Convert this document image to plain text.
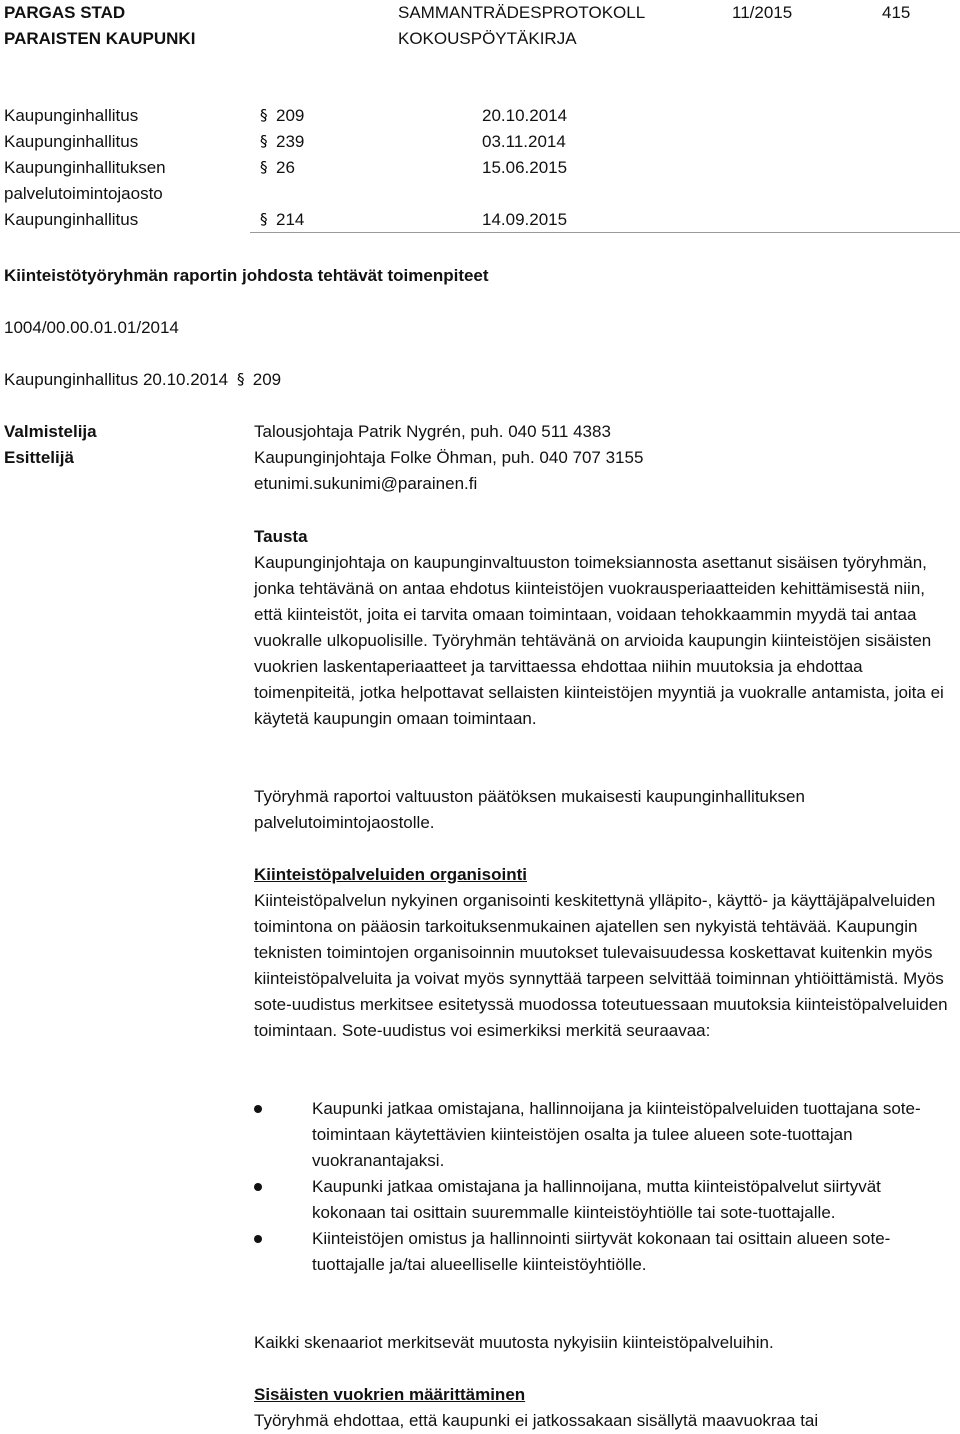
PARGAS STAD
PARAISTEN KAUPUNKI
SAMMANTRÄDESPROTOKOLL
KOKOUSPÖYTÄKIRJA
11/2015	415
Kaupunginhallitus	§ 209	20.10.2014
Kaupunginhallitus	§ 239	03.11.2014
Kaupunginhallituksen	§ 26	15.06.2015
palvelutoimintojaosto
Kaupunginhallitus	§ 214	14.09.2015
Kiinteistötyöryhmän raportin johdosta tehtävät toimenpiteet
1004/00.00.01.01/2014
Kaupunginhallitus 20.10.2014 § 209
Valmistelija	Talousjohtaja Patrik Nygrén, puh. 040 511 4383
Esittelijä	Kaupunginjohtaja Folke Öhman, puh. 040 707 3155
etunimi.sukunimi@parainen.fi
Tausta

Kaupunginjohtaja on kaupunginvaltuuston toimeksiannosta asettanut sisäisen työryhmän, jonka tehtävänä on antaa ehdotus kiinteistöjen vuokrausperiaatteiden kehittämisestä niin, että kiinteistöt, joita ei tarvita omaan toimintaan, voidaan tehokkaammin myydä tai antaa vuokralle ulkopuolisille. Työryhmän tehtävänä on arvioida kaupungin kiinteistöjen sisäisten vuokrien laskentaperiaatteet ja tarvittaessa ehdottaa niihin muutoksia ja ehdottaa toimenpiteitä, jotka helpottavat sellaisten kiinteistöjen myyntiä ja vuokralle antamista, joita ei käytetä kaupungin omaan toimintaan.

Työryhmä raportoi valtuuston päätöksen mukaisesti kaupunginhallituksen palvelutoimintojaostolle.

Kiinteistöpalveluiden organisointi

Kiinteistöpalvelun nykyinen organisointi keskitettynä ylläpito-, käyttö- ja käyttäjäpalveluiden toimintona on pääosin tarkoituksenmukainen ajatellen sen nykyistä tehtävää. Kaupungin teknisten toimintojen organisoinnin muutokset tulevaisuudessa koskettavat kuitenkin myös kiinteistöpalveluita ja voivat myös synnyttää tarpeen selvittää toiminnan yhtiöittämistä. Myös sote-uudistus merkitsee esitetyssä muodossa toteutuessaan muutoksia kiinteistöpalveluiden toimintaan. Sote-uudistus voi esimerkiksi merkitä seuraavaa:

Kaupunki jatkaa omistajana, hallinnoijana ja kiinteistöpalveluiden tuottajana sote-toimintaan käytettävien kiinteistöjen osalta ja tulee alueen sote-tuottajan vuokranantajaksi.
Kaupunki jatkaa omistajana ja hallinnoijana, mutta kiinteistöpalvelut siirtyvät kokonaan tai osittain suuremmalle kiinteistöyhtiölle tai sote-tuottajalle.
Kiinteistöjen omistus ja hallinnointi siirtyvät kokonaan tai osittain alueen sote-tuottajalle ja/tai alueelliselle kiinteistöyhtiölle.

Kaikki skenaariot merkitsevät muutosta nykyisiin kiinteistöpalveluihin.

Sisäisten vuokrien määrittäminen

Työryhmä ehdottaa, että kaupunki ei jatkossakaan sisällytä maavuokraa tai
